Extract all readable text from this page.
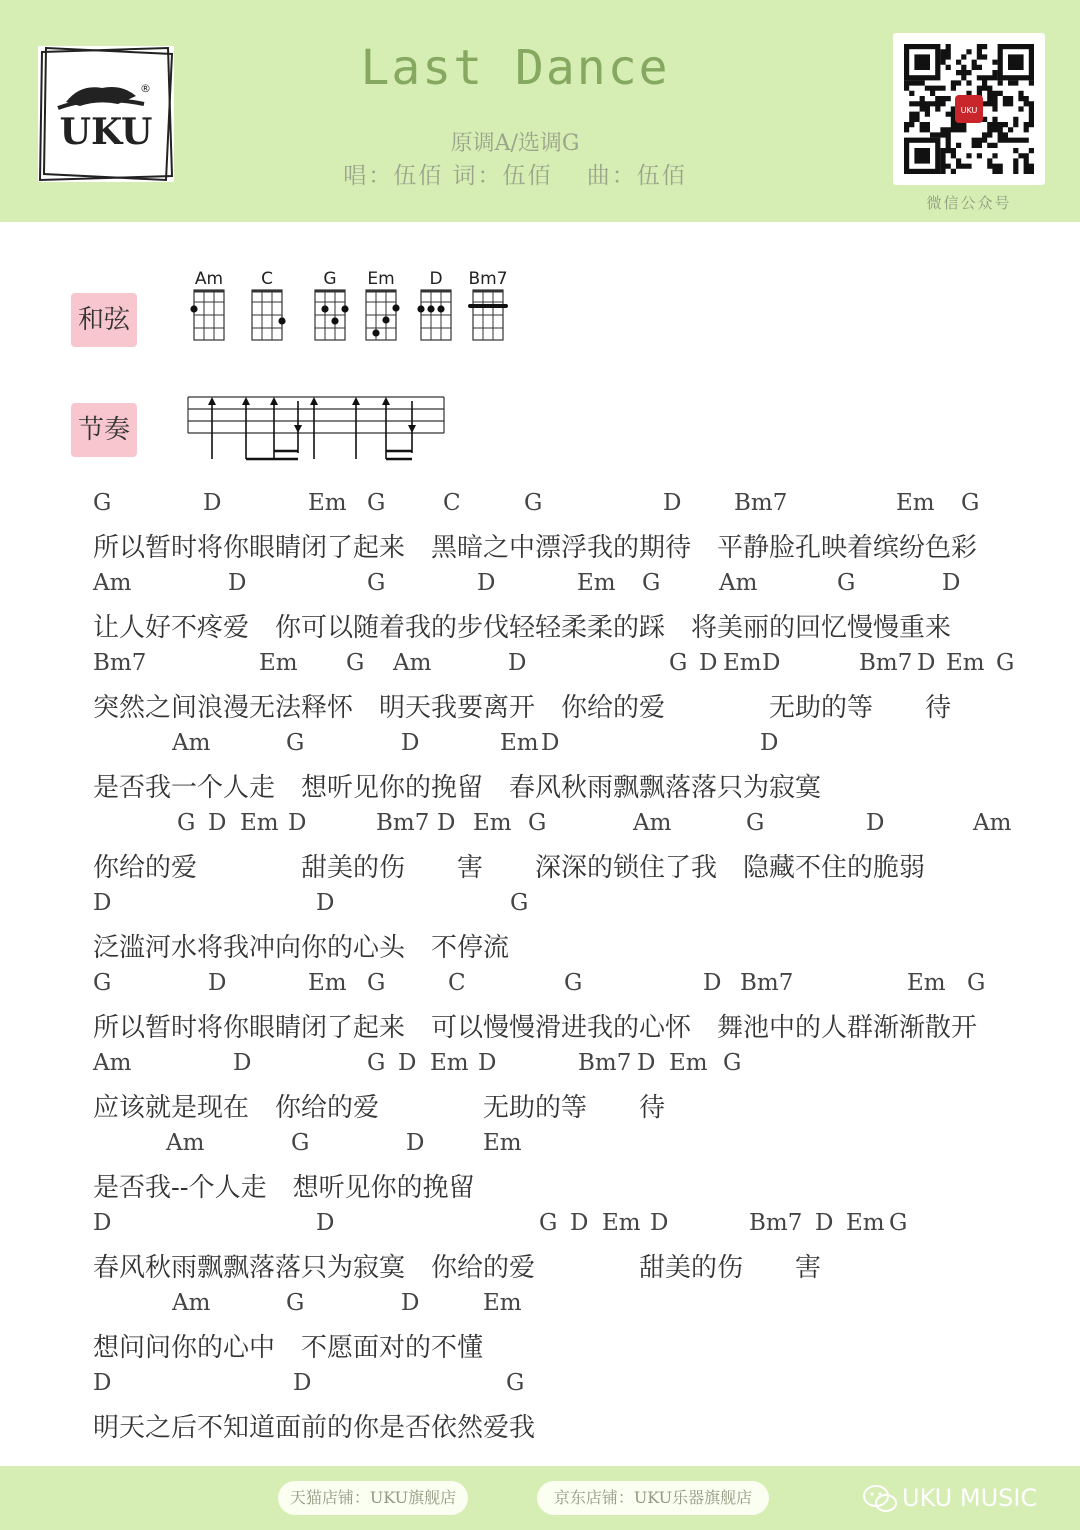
UKU
®	Last Dance
原调A/选调G
唱：伍佰 词：伍佰　 曲：伍佰
UKU
微信公众号
和弦
节奏
Am C	G Em D Bm7
G	D	Em G	C	G	D Bm7	Em G
所以暂时将你眼睛闭了起来　黑暗之中漂浮我的期待　平静脸孔映着缤纷色彩
Am	D	G	D	Em G	Am	G	D
让人好不疼爱　你可以随着我的步伐轻轻柔柔的踩　将美丽的回忆慢慢重来
Bm7	Em G Am	D	G D Em D	Bm7 D Em G
突然之间浪漫无法释怀　明天我要离开　你给的爱　　　　无助的等　　待
Am	G	D	Em D	D
是否我一个人走　想听见你的挽留　春风秋雨飘飘落落只为寂寞
G D Em D	Bm7 D Em G	Am	G	D	Am
你给的爱　　　　甜美的伤　　害　　深深的锁住了我　隐藏不住的脆弱
D	D	G
泛滥河水将我冲向你的心头　不停流
G	D	Em G	C	G	D Bm7	Em G
所以暂时将你眼睛闭了起来　可以慢慢滑进我的心怀　舞池中的人群渐渐散开
Am	D	G D Em D	Bm7 D Em G
应该就是现在　你给的爱　　　　无助的等　　待
Am	G	D	Em
是否我--个人走　想听见你的挽留
D	D	G D Em D	Bm7 D Em G
春风秋雨飘飘落落只为寂寞　你给的爱　　　　甜美的伤　　害
Am	G	D	Em
想问问你的心中　不愿面对的不懂
D	D	G
明天之后不知道面前的你是否依然爱我
天猫店铺：UKU旗舰店	京东店铺：UKU乐器旗舰店	UKU MUSIC
